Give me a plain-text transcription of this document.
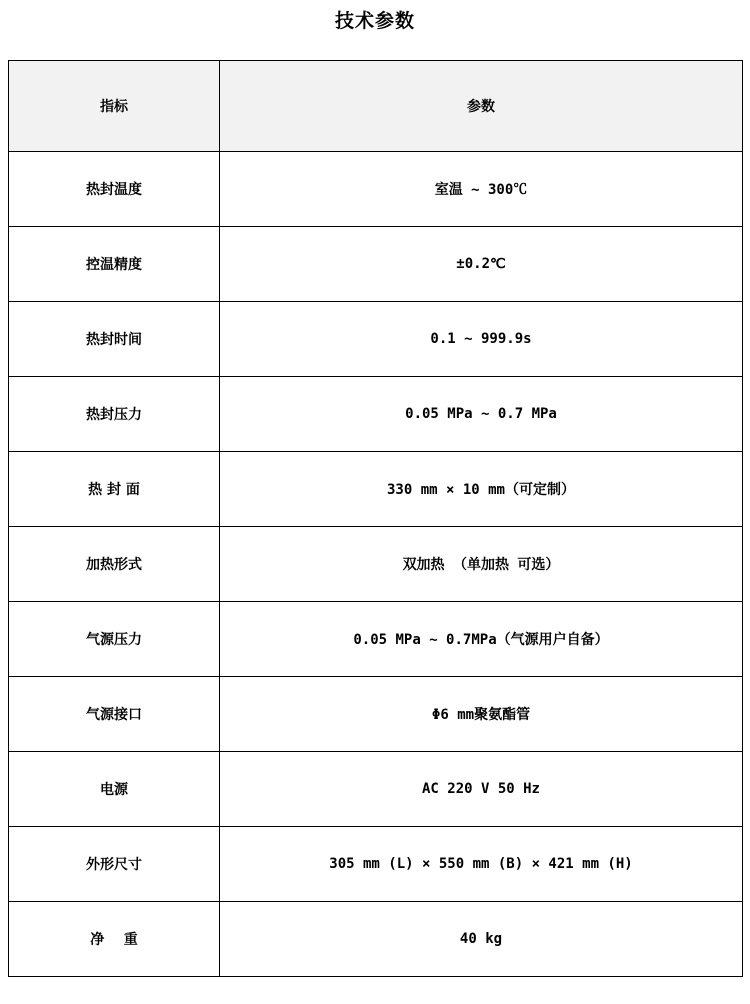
技术参数
指标	参数
热封温度	室温 ~ 300℃
控温精度	±0.2℃
热封时间	0.1 ~ 999.9s
热封压力	0.05 MPa ~ 0.7 MPa
热 封 面	330 mm × 10 mm（可定制）
加热形式	双加热 （单加热 可选）
气源压力	0.05 MPa ~ 0.7MPa（气源用户自备）
气源接口	Φ6 mm聚氨酯管
电源	AC 220 V 50 Hz
外形尺寸	305 mm (L) × 550 mm (B) × 421 mm (H)
净    重	40 kg
